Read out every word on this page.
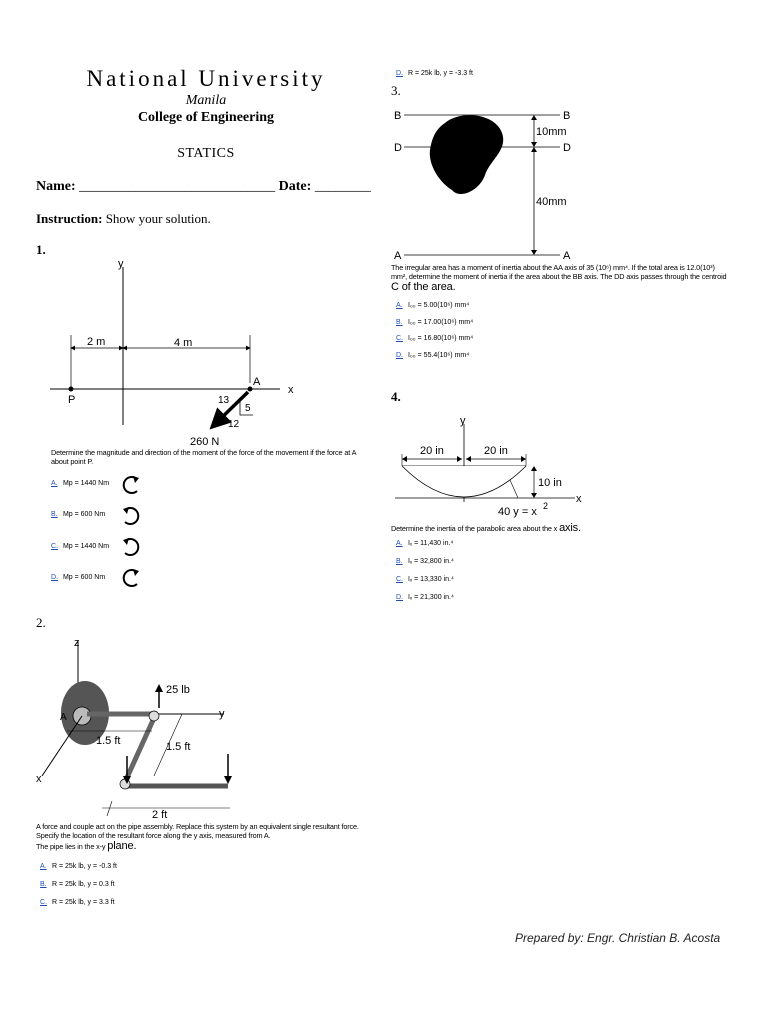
National University
Manila
College of Engineering
STATICS
Name: ____________________________ Date: ________
Instruction: Show your solution.
1.
y
x
2 m	4 m
P
A
13
5
12
260 N
Determine the magnitude and direction of the moment of the force of the movement if the force at A about point P.
A. Mp = 1440 Nm
B. Mp = 600 Nm
C. Mp = 1440 Nm
D. Mp = 600 Nm
2.
z
x
y
A
25 lb
1.5 ft	1.5 ft
2 ft
A force and couple act on the pipe assembly. Replace this system by an equivalent single resultant force. Specify the location of the resultant force along the y axis, measured from A.
The pipe lies in the x-y plane.
A. R = 25k lb, y = -0.3 ft
B. R = 25k lb, y = 0.3 ft
C. R = 25k lb, y = 3.3 ft
D. R = 25k lb, y = -3.3 ft
3.
B	B
D	D
A	A
10mm
40mm
The irregular area has a moment of inertia about the AA axis of 35 (10⁶) mm⁴. If the total area is 12.0(10³) mm², determine the moment of inertia if the area about the BB axis. The DD axis passes through the centroid C of the area.
A. I₀₀ = 5.00(10⁶) mm⁴
B. I₀₀ = 17.00(10⁶) mm⁴
C. I₀₀ = 16.80(10⁶) mm⁴
D. I₀₀ = 55.4(10⁶) mm⁴
4.
y
x
20 in	20 in
10 in
40 y = x 2
Determine the inertia of the parabolic area about the x axis.
A. Iₓ = 11,430 in.⁴
B. Iₓ = 32,800 in.⁴
C. Iₓ = 13,330 in.⁴
D. Iₓ = 21,300 in.⁴
Prepared by: Engr. Christian B. Acosta
